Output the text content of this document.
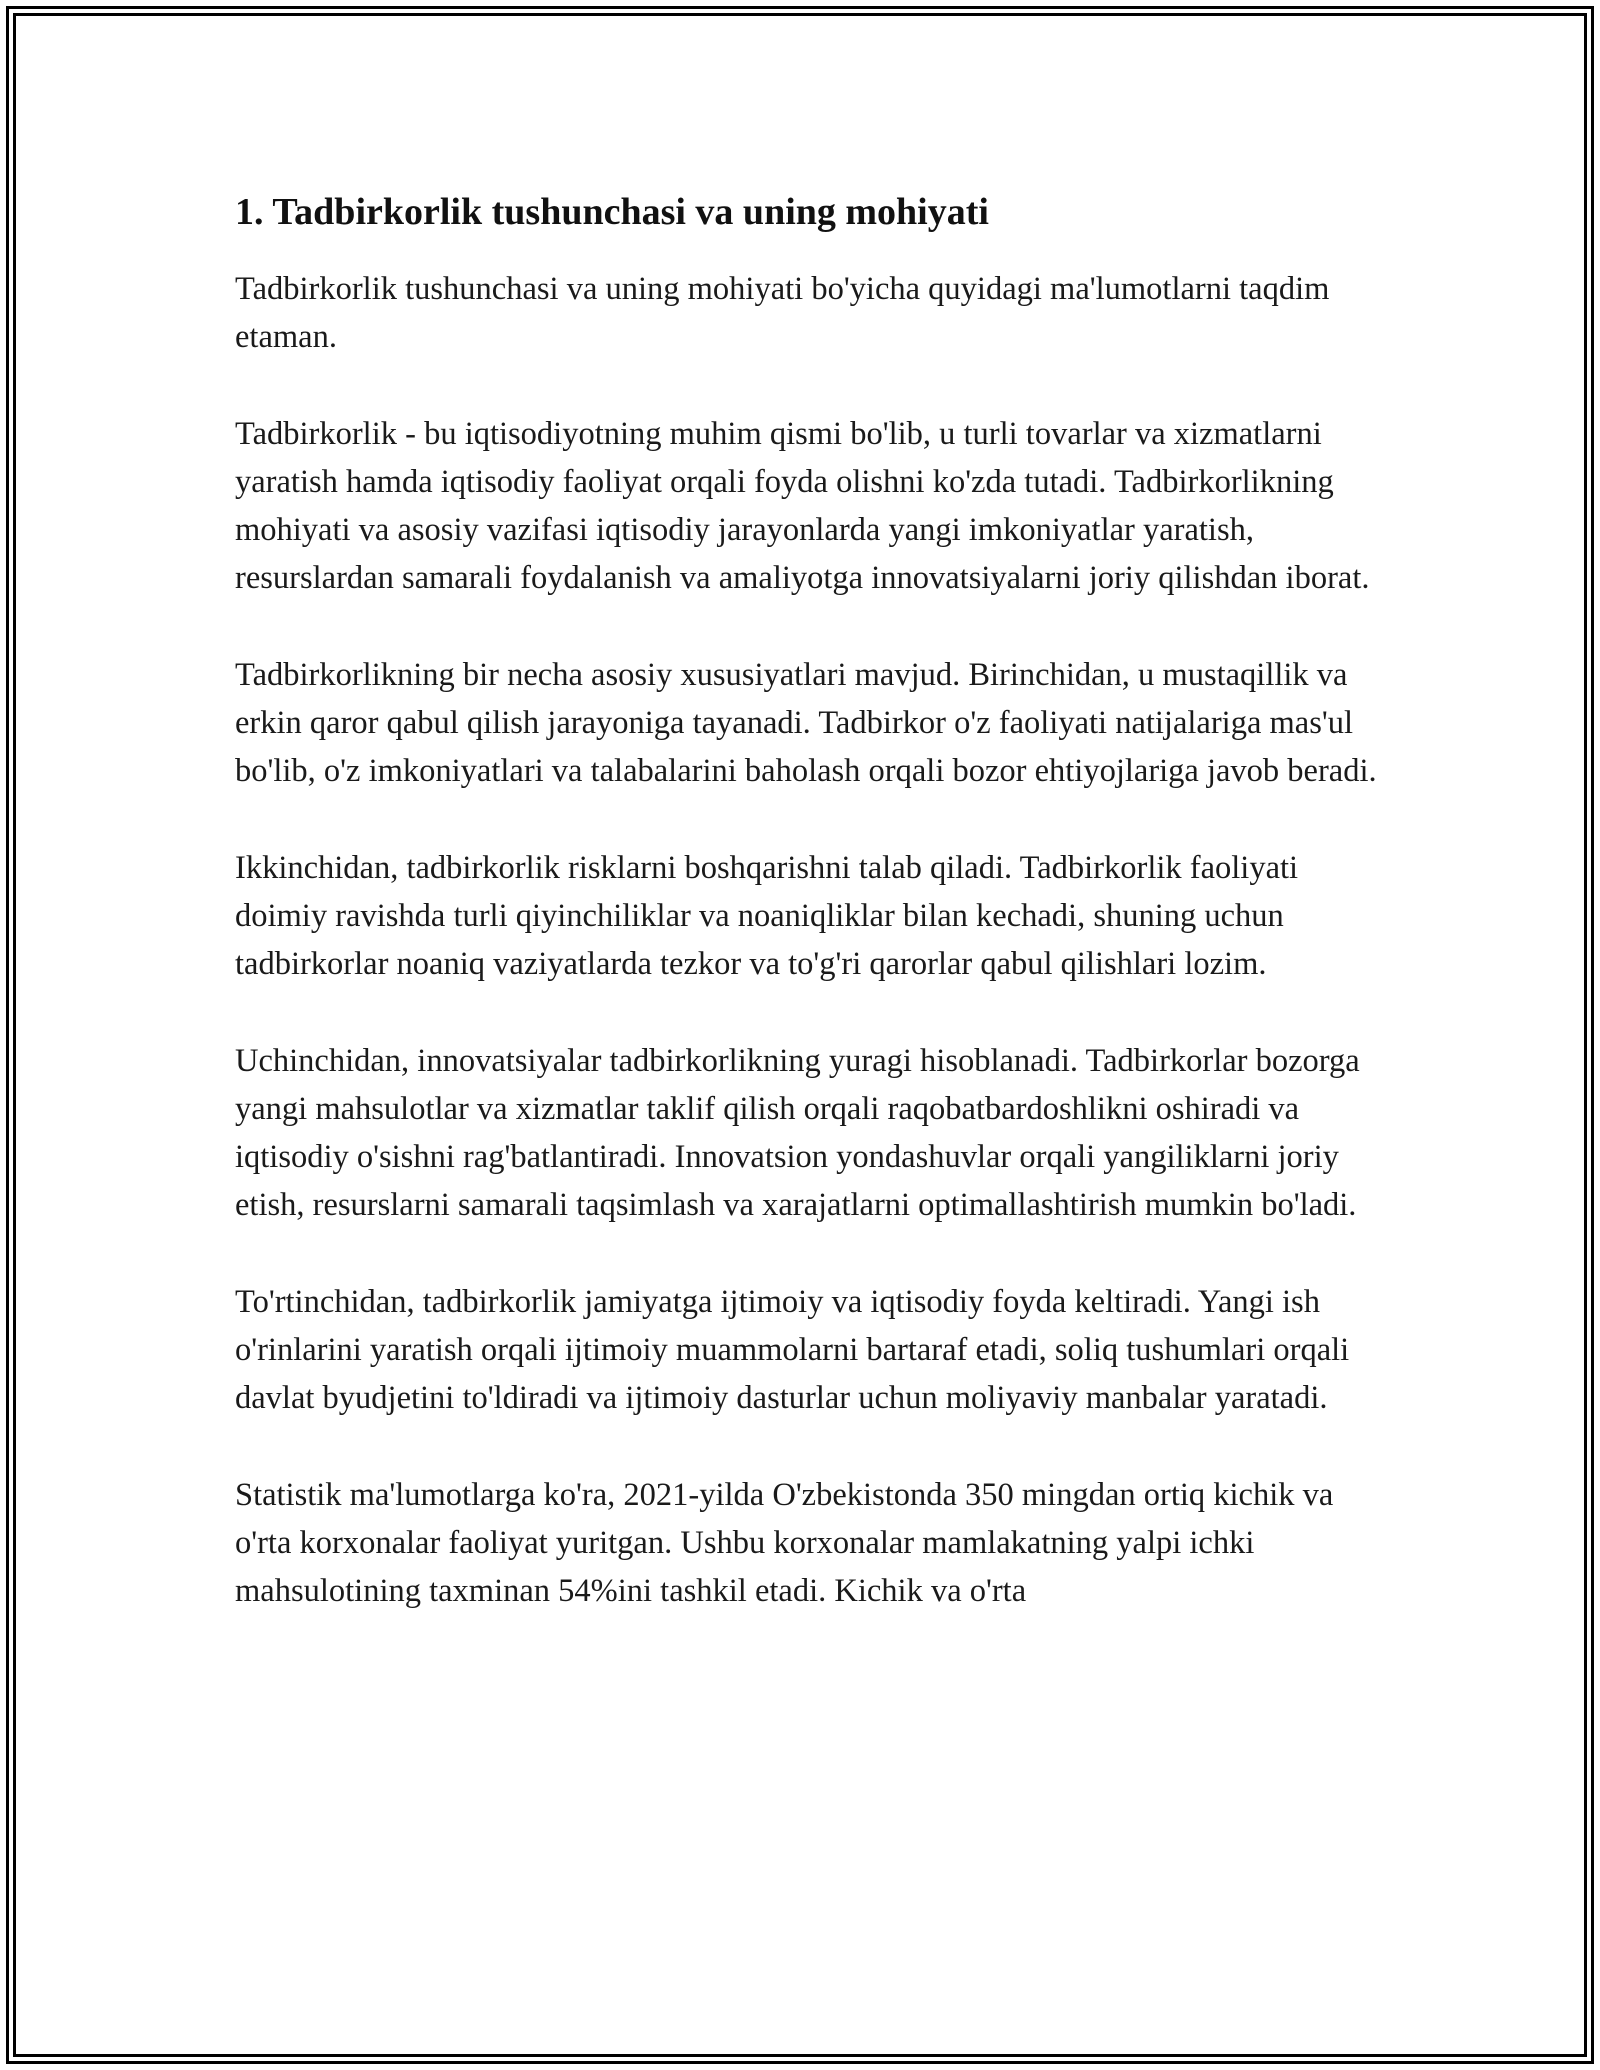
1. Tadbirkorlik tushunchasi va uning mohiyati

Tadbirkorlik tushunchasi va uning mohiyati bo'yicha quyidagi ma'lumotlarni taqdim etaman.

Tadbirkorlik - bu iqtisodiyotning muhim qismi bo'lib, u turli tovarlar va xizmatlarni yaratish hamda iqtisodiy faoliyat orqali foyda olishni ko'zda tutadi. Tadbirkorlikning mohiyati va asosiy vazifasi iqtisodiy jarayonlarda yangi imkoniyatlar yaratish, resurslardan samarali foydalanish va amaliyotga innovatsiyalarni joriy qilishdan iborat.

Tadbirkorlikning bir necha asosiy xususiyatlari mavjud. Birinchidan, u mustaqillik va erkin qaror qabul qilish jarayoniga tayanadi. Tadbirkor o'z faoliyati natijalariga mas'ul bo'lib, o'z imkoniyatlari va talabalarini baholash orqali bozor ehtiyojlariga javob beradi.

Ikkinchidan, tadbirkorlik risklarni boshqarishni talab qiladi. Tadbirkorlik faoliyati doimiy ravishda turli qiyinchiliklar va noaniqliklar bilan kechadi, shuning uchun tadbirkorlar noaniq vaziyatlarda tezkor va to'g'ri qarorlar qabul qilishlari lozim.

Uchinchidan, innovatsiyalar tadbirkorlikning yuragi hisoblanadi. Tadbirkorlar bozorga yangi mahsulotlar va xizmatlar taklif qilish orqali raqobatbardoshlikni oshiradi va iqtisodiy o'sishni rag'batlantiradi. Innovatsion yondashuvlar orqali yangiliklarni joriy etish, resurslarni samarali taqsimlash va xarajatlarni optimallashtirish mumkin bo'ladi.

To'rtinchidan, tadbirkorlik jamiyatga ijtimoiy va iqtisodiy foyda keltiradi. Yangi ish o'rinlarini yaratish orqali ijtimoiy muammolarni bartaraf etadi, soliq tushumlari orqali davlat byudjetini to'ldiradi va ijtimoiy dasturlar uchun moliyaviy manbalar yaratadi.

Statistik ma'lumotlarga ko'ra, 2021-yilda O'zbekistonda 350 mingdan ortiq kichik va o'rta korxonalar faoliyat yuritgan. Ushbu korxonalar mamlakatning yalpi ichki mahsulotining taxminan 54%ini tashkil etadi. Kichik va o'rta
